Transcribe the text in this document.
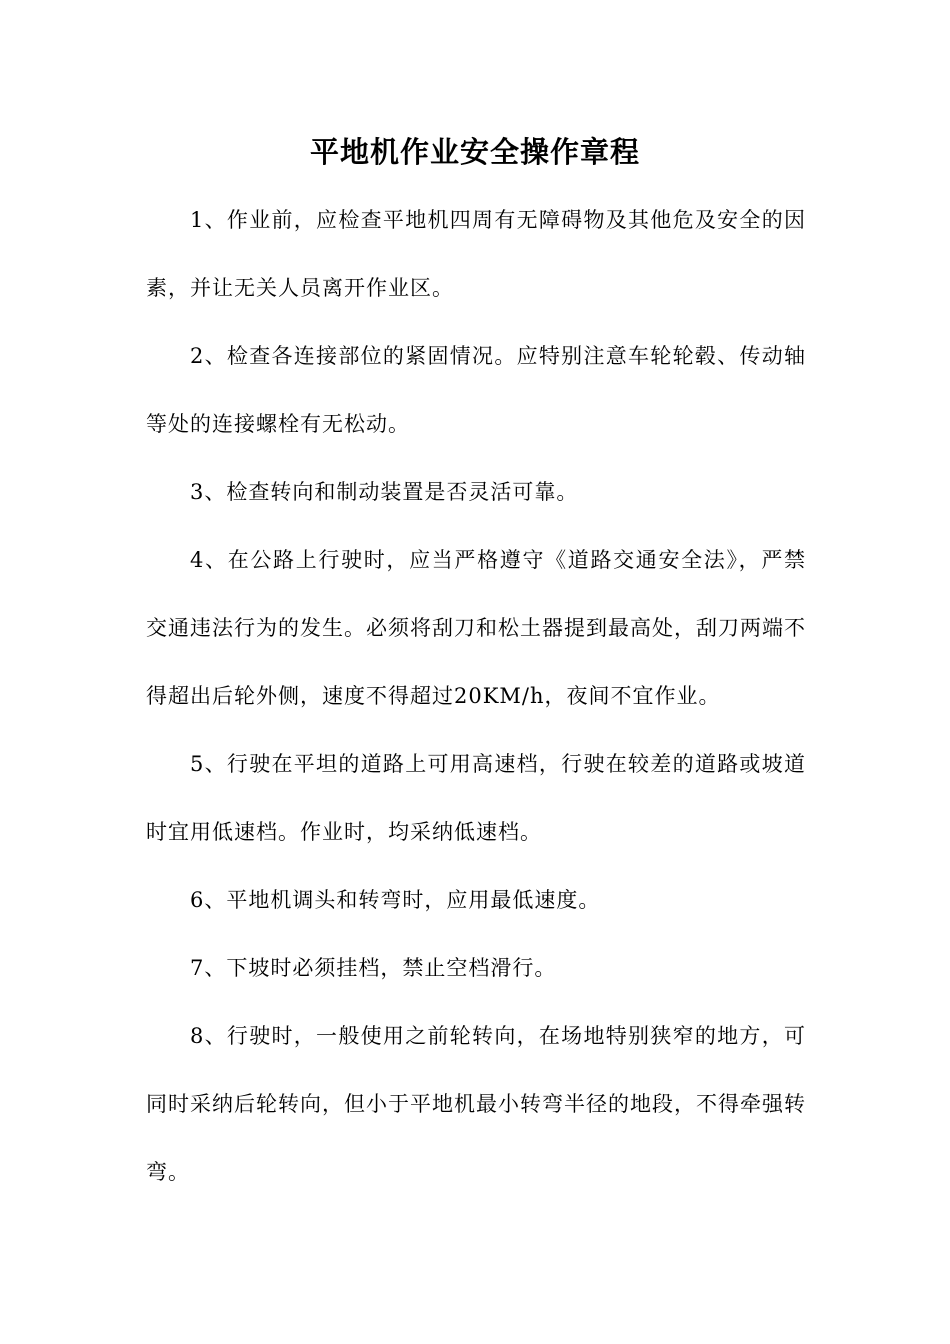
平地机作业安全操作章程

1、作业前，应检查平地机四周有无障碍物及其他危及安全的因素，并让无关人员离开作业区。

2、检查各连接部位的紧固情况。应特别注意车轮轮毂、传动轴等处的连接螺栓有无松动。

3、检查转向和制动装置是否灵活可靠。

4、在公路上行驶时，应当严格遵守《道路交通安全法》，严禁交通违法行为的发生。必须将刮刀和松土器提到最高处，刮刀两端不得超出后轮外侧，速度不得超过20KM/h，夜间不宜作业。

5、行驶在平坦的道路上可用高速档，行驶在较差的道路或坡道时宜用低速档。作业时，均采纳低速档。

6、平地机调头和转弯时，应用最低速度。

7、下坡时必须挂档，禁止空档滑行。

8、行驶时，一般使用之前轮转向，在场地特别狭窄的地方，可同时采纳后轮转向，但小于平地机最小转弯半径的地段，不得牵强转弯。
